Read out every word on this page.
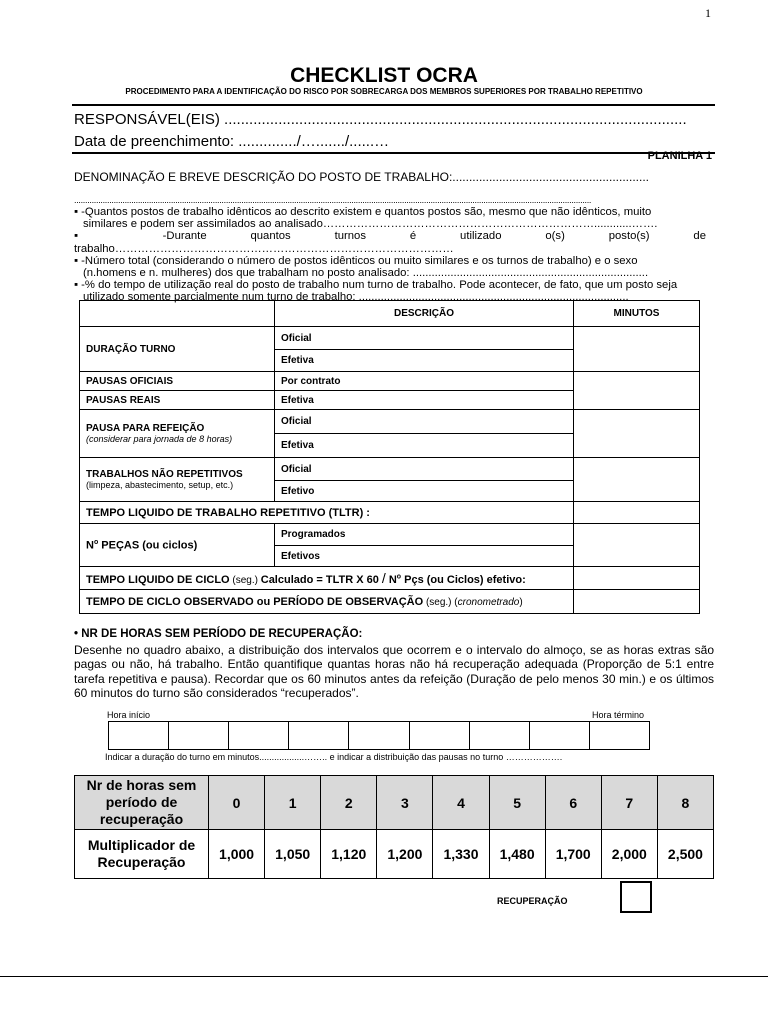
1
CHECKLIST OCRA
PROCEDIMENTO PARA A IDENTIFICAÇÃO DO RISCO POR SOBRECARGA DOS MEMBROS SUPERIORES POR TRABALHO REPETITIVO
RESPONSÁVEL(EIS) ...............................................................................................................
Data de preenchimento: ............../…......./......…
PLANILHA 1
DENOMINAÇÃO E BREVE DESCRIÇÃO DO POSTO DE TRABALHO:...........................................................
...........................................................................................................................................................................................................................................
▪ -Quantos postos de trabalho idênticos ao descrito existem e quantos postos são, mesmo que não idênticos, muito
similares e podem ser assimilados ao analisado………………………………………………………………............…….
▪ -Durante quantos turnos é utilizado o(s) posto(s) de trabalho………………………………………………………………………………
▪ -Número total (considerando o número de postos idênticos ou muito similares e os turnos de trabalho) e o sexo
(n.homens e n. mulheres) dos que trabalham no posto analisado: ...........................................................................
▪ -% do tempo de utilização real do posto de trabalho num turno de trabalho. Pode acontecer, de fato, que um posto seja
utilizado somente parcialmente num turno de trabalho: ......................................................................................
	DESCRIÇÃO	MINUTOS
DURAÇÃO TURNO	Oficial	
	Efetiva	
PAUSAS OFICIAIS	Por contrato	
PAUSAS REAIS	Efetiva	

PAUSA PARA REFEIÇÃO
(considerar para jornada de 8 horas)	Oficial	
	Efetiva	

TRABALHOS NÃO REPETITIVOS
(limpeza, abastecimento, setup, etc.)	Oficial	
	Efetivo	
TEMPO LIQUIDO DE TRABALHO REPETITIVO (TLTR) :		
$N^o$ PEÇAS (ou ciclos)	Programados	
	Efetivos	
TEMPO LIQUIDO DE CICLO (seg.) Calculado = TLTR X $60 / N^o$ Pçs (ou Ciclos) efetivo:		
TEMPO DE CICLO OBSERVADO ou PERÍODO DE OBSERVAÇÃO (seg.) (cronometrado)		
• NR DE HORAS SEM PERÍODO DE RECUPERAÇÃO:
Desenhe no quadro abaixo, a distribuição dos intervalos que ocorrem e o intervalo do almoço, se as horas extras são pagas ou não, há trabalho. Então quantifique quantas horas não há recuperação adequada (Proporção de 5:1 entre tarefa repetitiva e pausa). Recordar que os 60 minutos antes da refeição (Duração de pelo menos 30 min.) e os últimos 60 minutos do turno são considerados “recuperados”.
Hora início	Hora término

Indicar a duração do turno em minutos..................…….. e indicar a distribuição das pausas no turno ……………….
Nr de horas sem período de recuperação	0	1	2	3	4	5	6	7	8
Multiplicador de Recuperação	1,000	1,050	1,120	1,200	1,330	1,480	1,700	2,000	2,500
RECUPERAÇÃO
